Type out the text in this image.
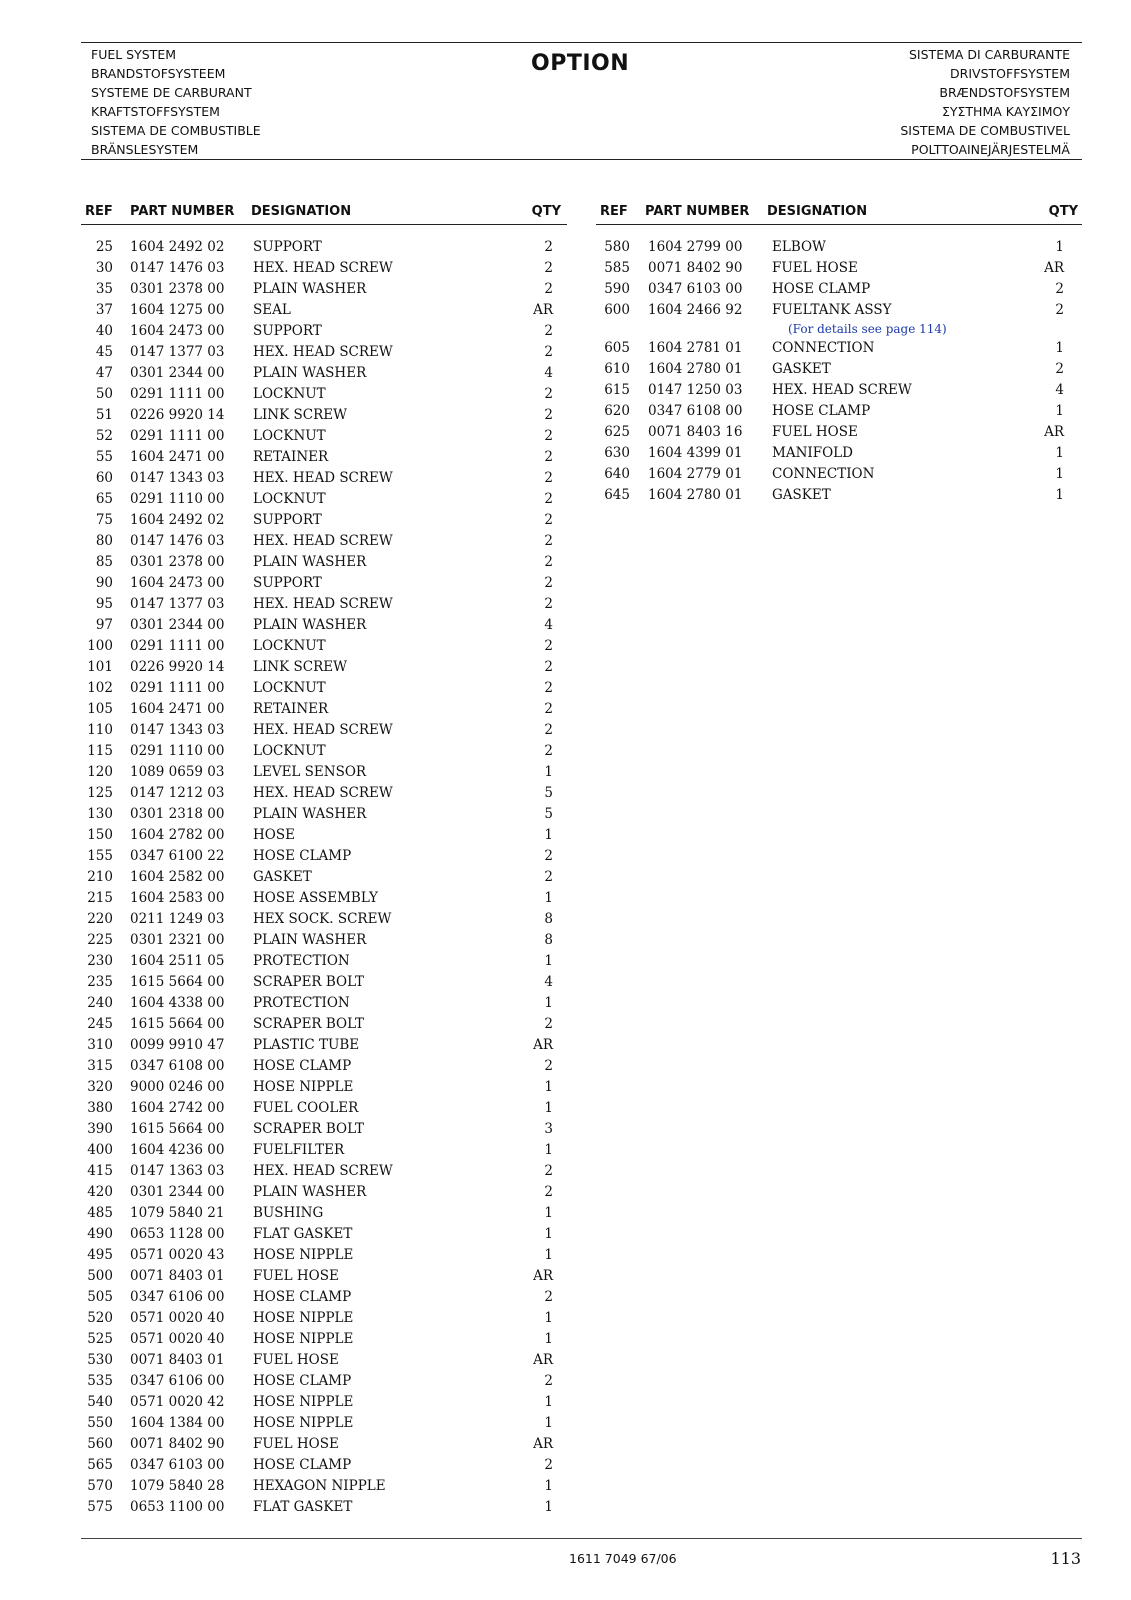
FUEL SYSTEM
BRANDSTOFSYSTEEM
SYSTEME DE CARBURANT
KRAFTSTOFFSYSTEM
SISTEMA DE COMBUSTIBLE
BRÄNSLESYSTEM
OPTION	SISTEMA DI CARBURANTE
DRIVSTOFFSYSTEM
BRÆNDSTOFSYSTEM
ΣΥΣΤΗΜΑ ΚΑΥΣΙΜΟΥ
SISTEMA DE COMBUSTIVEL
POLTTOAINEJÄRJESTELMÄ
REF PART NUMBER DESIGNATION	QTY
25 1604 2492 02 SUPPORT	2
30 0147 1476 03 HEX. HEAD SCREW	2
35 0301 2378 00 PLAIN WASHER	2
37 1604 1275 00 SEAL	AR
40 1604 2473 00 SUPPORT	2
45 0147 1377 03 HEX. HEAD SCREW	2
47 0301 2344 00 PLAIN WASHER	4
50 0291 1111 00 LOCKNUT	2
51 0226 9920 14 LINK SCREW	2
52 0291 1111 00 LOCKNUT	2
55 1604 2471 00 RETAINER	2
60 0147 1343 03 HEX. HEAD SCREW	2
65 0291 1110 00 LOCKNUT	2
75 1604 2492 02 SUPPORT	2
80 0147 1476 03 HEX. HEAD SCREW	2
85 0301 2378 00 PLAIN WASHER	2
90 1604 2473 00 SUPPORT	2
95 0147 1377 03 HEX. HEAD SCREW	2
97 0301 2344 00 PLAIN WASHER	4
100 0291 1111 00 LOCKNUT	2
101 0226 9920 14 LINK SCREW	2
102 0291 1111 00 LOCKNUT	2
105 1604 2471 00 RETAINER	2
110 0147 1343 03 HEX. HEAD SCREW	2
115 0291 1110 00 LOCKNUT	2
120 1089 0659 03 LEVEL SENSOR	1
125 0147 1212 03 HEX. HEAD SCREW	5
130 0301 2318 00 PLAIN WASHER	5
150 1604 2782 00 HOSE	1
155 0347 6100 22 HOSE CLAMP	2
210 1604 2582 00 GASKET	2
215 1604 2583 00 HOSE ASSEMBLY	1
220 0211 1249 03 HEX SOCK. SCREW	8
225 0301 2321 00 PLAIN WASHER	8
230 1604 2511 05 PROTECTION	1
235 1615 5664 00 SCRAPER BOLT	4
240 1604 4338 00 PROTECTION	1
245 1615 5664 00 SCRAPER BOLT	2
310 0099 9910 47 PLASTIC TUBE	AR
315 0347 6108 00 HOSE CLAMP	2
320 9000 0246 00 HOSE NIPPLE	1
380 1604 2742 00 FUEL COOLER	1
390 1615 5664 00 SCRAPER BOLT	3
400 1604 4236 00 FUELFILTER	1
415 0147 1363 03 HEX. HEAD SCREW	2
420 0301 2344 00 PLAIN WASHER	2
485 1079 5840 21 BUSHING	1
490 0653 1128 00 FLAT GASKET	1
495 0571 0020 43 HOSE NIPPLE	1
500 0071 8403 01 FUEL HOSE	AR
505 0347 6106 00 HOSE CLAMP	2
520 0571 0020 40 HOSE NIPPLE	1
525 0571 0020 40 HOSE NIPPLE	1
530 0071 8403 01 FUEL HOSE	AR
535 0347 6106 00 HOSE CLAMP	2
540 0571 0020 42 HOSE NIPPLE	1
550 1604 1384 00 HOSE NIPPLE	1
560 0071 8402 90 FUEL HOSE	AR
565 0347 6103 00 HOSE CLAMP	2
570 1079 5840 28 HEXAGON NIPPLE	1
575 0653 1100 00 FLAT GASKET	1
REF PART NUMBER DESIGNATION	QTY
580 1604 2799 00 ELBOW	1
585 0071 8402 90 FUEL HOSE	AR
590 0347 6103 00 HOSE CLAMP	2
600 1604 2466 92 FUELTANK ASSY	2
(For details see page 114)
605 1604 2781 01 CONNECTION	1
610 1604 2780 01 GASKET	2
615 0147 1250 03 HEX. HEAD SCREW	4
620 0347 6108 00 HOSE CLAMP	1
625 0071 8403 16 FUEL HOSE	AR
630 1604 4399 01 MANIFOLD	1
640 1604 2779 01 CONNECTION	1
645 1604 2780 01 GASKET	1
1611 7049 67/06	113
